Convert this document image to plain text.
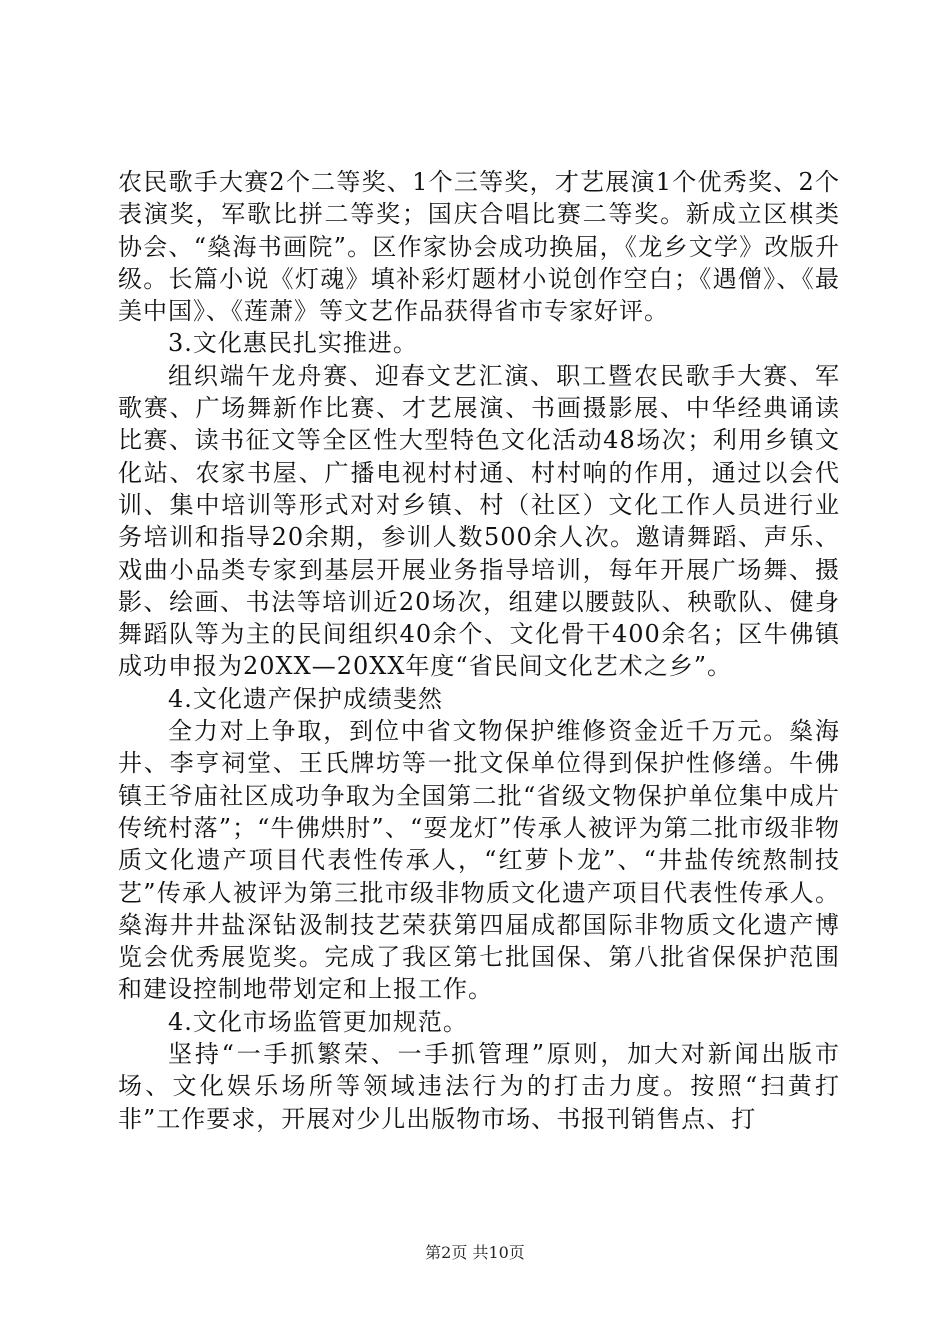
农民歌手大赛2个二等奖、1个三等奖，才艺展演1个优秀奖、2个表演奖，军歌比拼二等奖；国庆合唱比赛二等奖。新成立区棋类协会、“燊海书画院”。区作家协会成功换届，《龙乡文学》改版升级。长篇小说《灯魂》填补彩灯题材小说创作空白；《遇僧》、《最美中国》、《莲萧》等文艺作品获得省市专家好评。

3.文化惠民扎实推进。

组织端午龙舟赛、迎春文艺汇演、职工暨农民歌手大赛、军歌赛、广场舞新作比赛、才艺展演、书画摄影展、中华经典诵读比赛、读书征文等全区性大型特色文化活动48场次；利用乡镇文化站、农家书屋、广播电视村村通、村村响的作用，通过以会代训、集中培训等形式对对乡镇、村（社区）文化工作人员进行业务培训和指导20余期，参训人数500余人次。邀请舞蹈、声乐、戏曲小品类专家到基层开展业务指导培训，每年开展广场舞、摄影、绘画、书法等培训近20场次，组建以腰鼓队、秧歌队、健身舞蹈队等为主的民间组织40余个、文化骨干400余名；区牛佛镇成功申报为20XX—20XX年度“省民间文化艺术之乡”。

4.文化遗产保护成绩斐然

全力对上争取，到位中省文物保护维修资金近千万元。燊海井、李亨祠堂、王氏牌坊等一批文保单位得到保护性修缮。牛佛镇王爷庙社区成功争取为全国第二批“省级文物保护单位集中成片传统村落”；“牛佛烘肘”、“耍龙灯”传承人被评为第二批市级非物质文化遗产项目代表性传承人，“红萝卜龙”、“井盐传统熬制技艺”传承人被评为第三批市级非物质文化遗产项目代表性传承人。燊海井井盐深钻汲制技艺荣获第四届成都国际非物质文化遗产博览会优秀展览奖。完成了我区第七批国保、第八批省保保护范围和建设控制地带划定和上报工作。

4.文化市场监管更加规范。

坚持“一手抓繁荣、一手抓管理”原则，加大对新闻出版市场、文化娱乐场所等领域违法行为的打击力度。按照“扫黄打非”工作要求，开展对少儿出版物市场、书报刊销售点、打

第2页 共10页
